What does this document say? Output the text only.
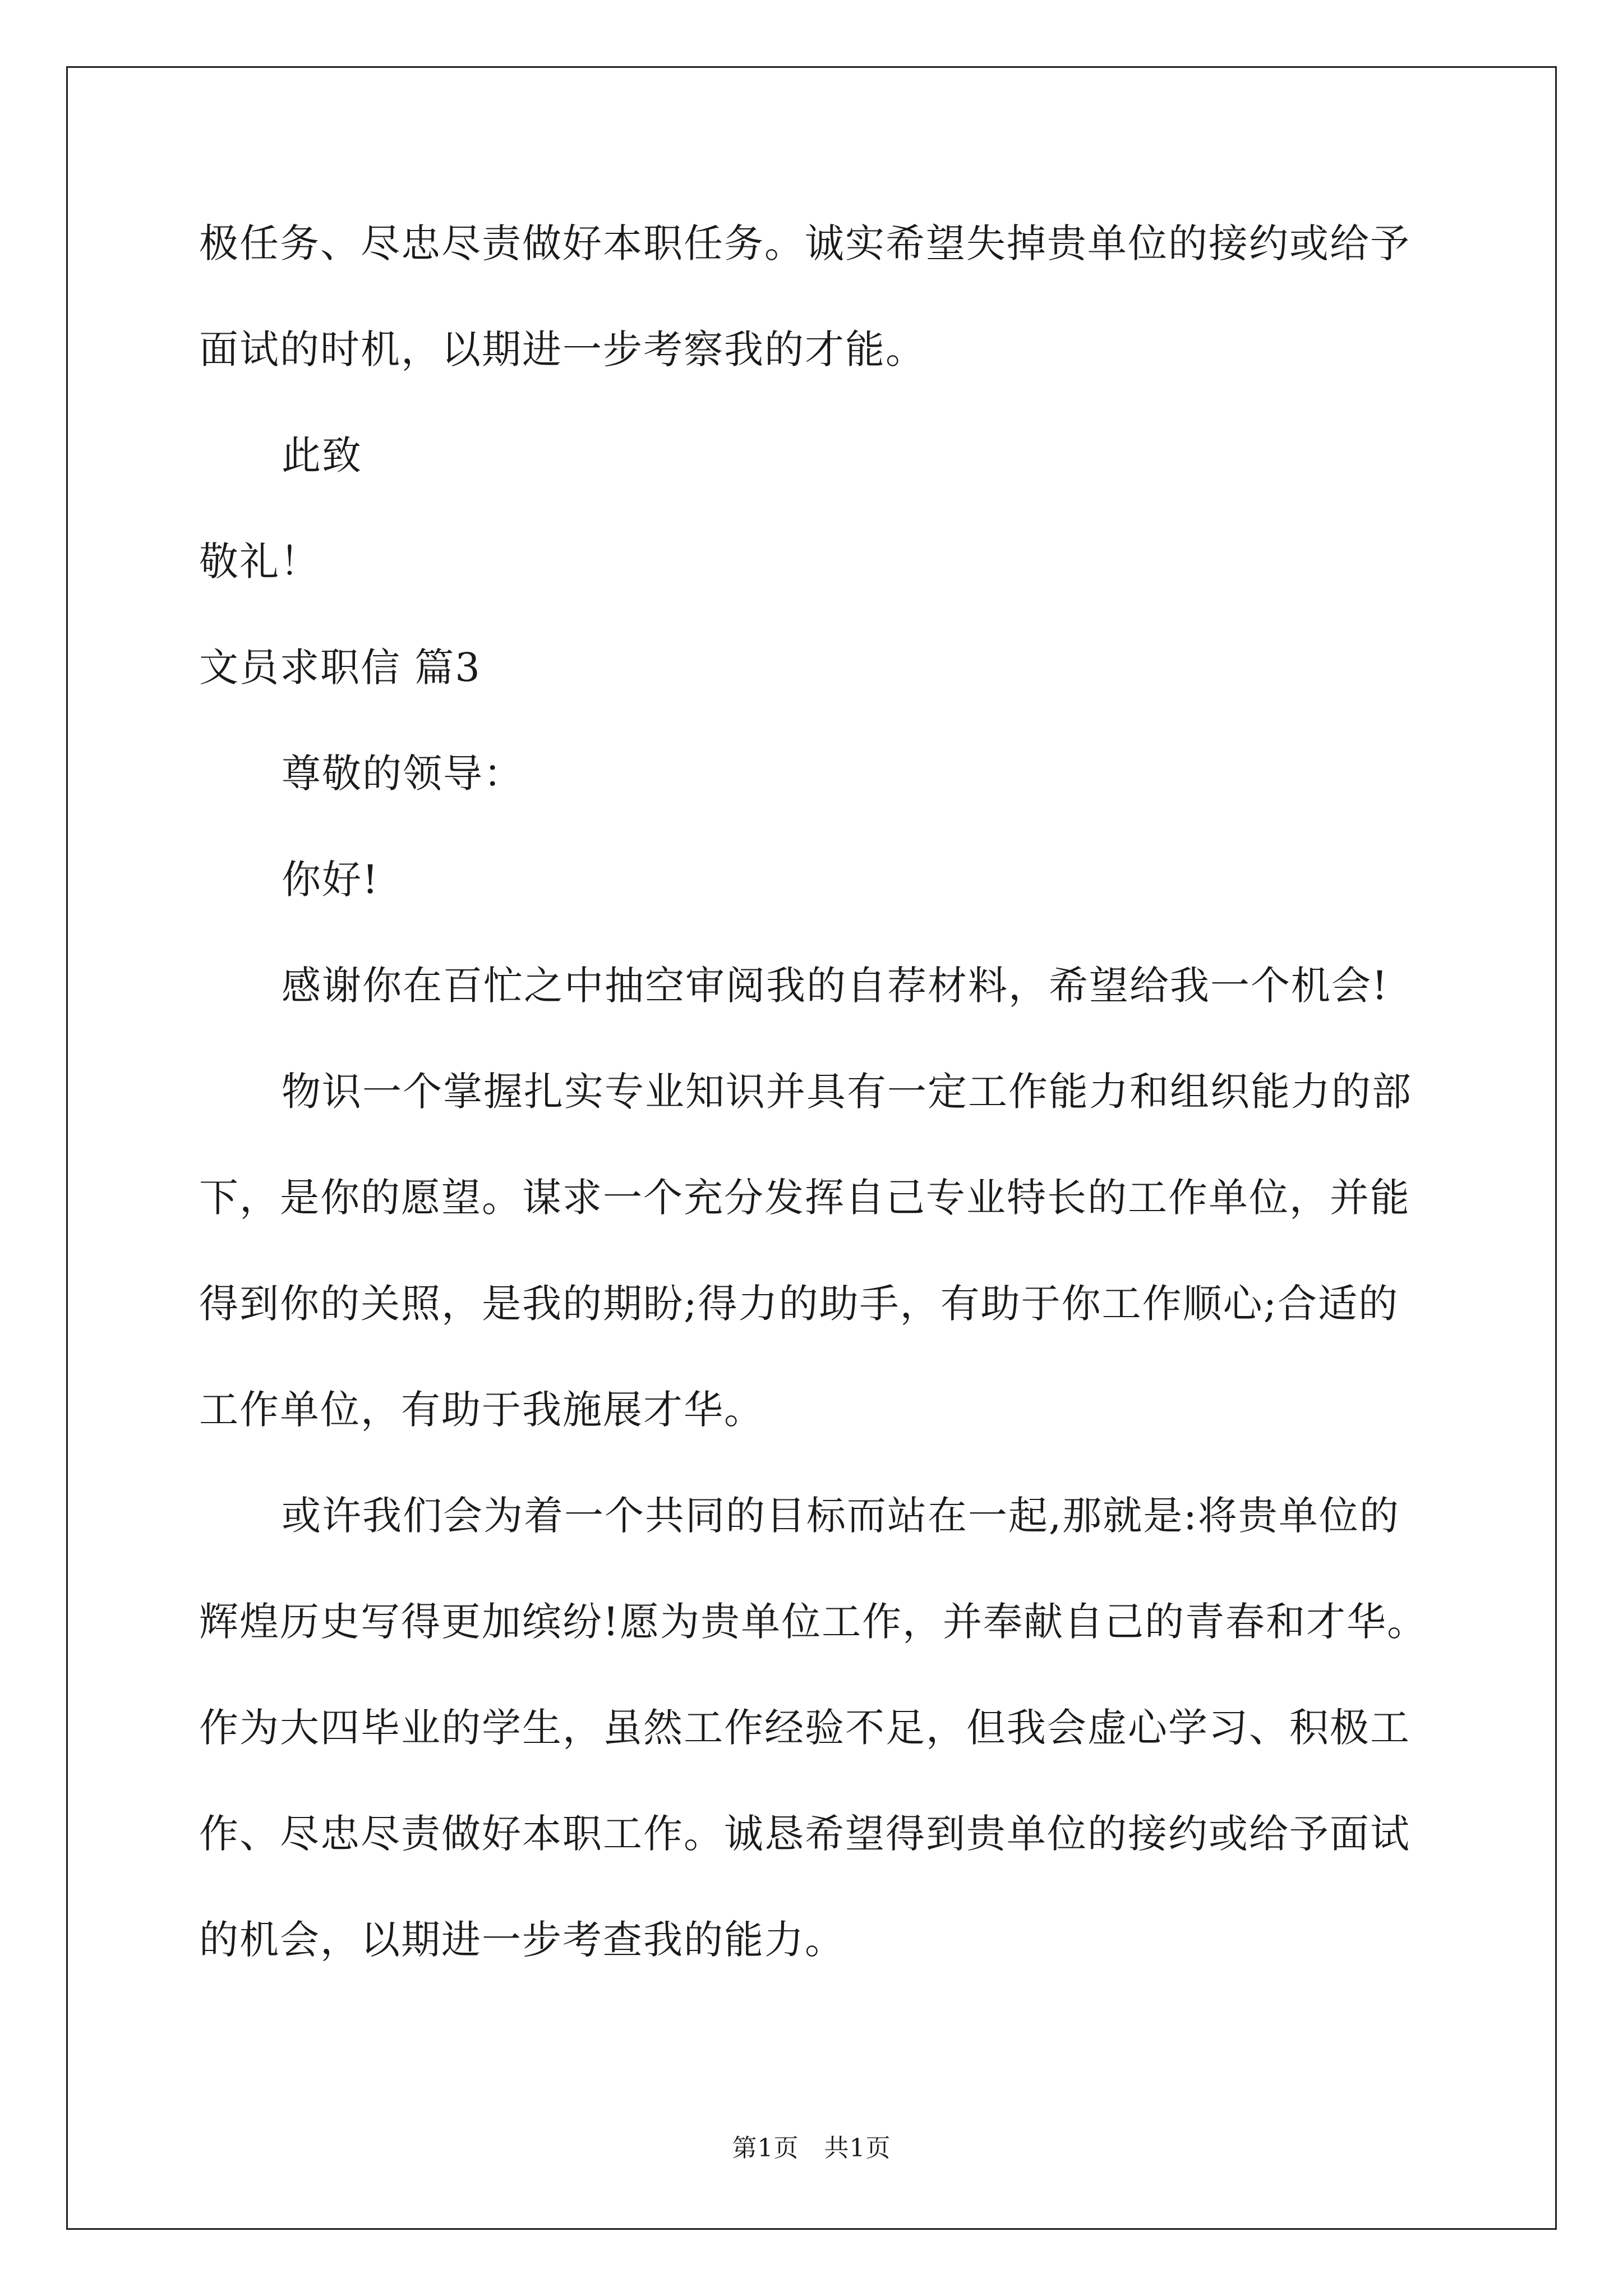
极任务、尽忠尽责做好本职任务。诚实希望失掉贵单位的接约或给予
面试的时机，以期进一步考察我的才能。
此致
敬礼！
文员求职信 篇3
尊敬的领导：
你好!
感谢你在百忙之中抽空审阅我的自荐材料，希望给我一个机会!
物识一个掌握扎实专业知识并具有一定工作能力和组织能力的部
下，是你的愿望。谋求一个充分发挥自己专业特长的工作单位，并能
得到你的关照，是我的期盼;得力的助手，有助于你工作顺心;合适的
工作单位，有助于我施展才华。
或许我们会为着一个共同的目标而站在一起,那就是:将贵单位的
辉煌历史写得更加缤纷!愿为贵单位工作，并奉献自己的青春和才华。
作为大四毕业的学生，虽然工作经验不足，但我会虚心学习、积极工
作、尽忠尽责做好本职工作。诚恳希望得到贵单位的接约或给予面试
的机会，以期进一步考查我的能力。
第1页　共1页
